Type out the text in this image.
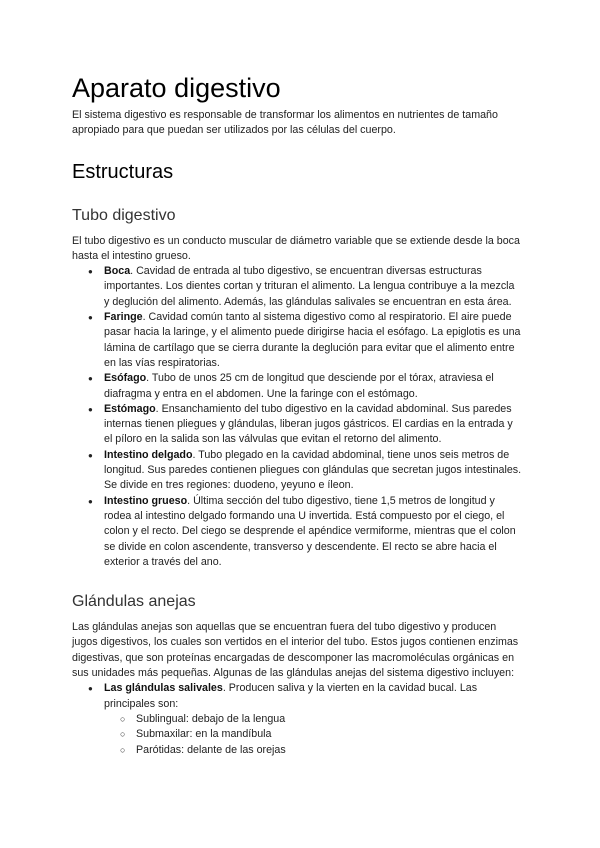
Aparato digestivo

El sistema digestivo es responsable de transformar los alimentos en nutrientes de tamaño apropiado para que puedan ser utilizados por las células del cuerpo.

Estructuras
Tubo digestivo

El tubo digestivo es un conducto muscular de diámetro variable que se extiende desde la boca hasta el intestino grueso.

● Boca. Cavidad de entrada al tubo digestivo, se encuentran diversas estructuras importantes. Los dientes cortan y trituran el alimento. La lengua contribuye a la mezcla y deglución del alimento. Además, las glándulas salivales se encuentran en esta área.
● Faringe. Cavidad común tanto al sistema digestivo como al respiratorio. El aire puede pasar hacia la laringe, y el alimento puede dirigirse hacia el esófago. La epiglotis es una lámina de cartílago que se cierra durante la deglución para evitar que el alimento entre en las vías respiratorias.
● Esófago. Tubo de unos 25 cm de longitud que desciende por el tórax, atraviesa el diafragma y entra en el abdomen. Une la faringe con el estómago.
● Estómago. Ensanchamiento del tubo digestivo en la cavidad abdominal. Sus paredes internas tienen pliegues y glándulas, liberan jugos gástricos. El cardias en la entrada y el píloro en la salida son las válvulas que evitan el retorno del alimento.
● Intestino delgado. Tubo plegado en la cavidad abdominal, tiene unos seis metros de longitud. Sus paredes contienen pliegues con glándulas que secretan jugos intestinales. Se divide en tres regiones: duodeno, yeyuno e íleon.
● Intestino grueso. Última sección del tubo digestivo, tiene 1,5 metros de longitud y rodea al intestino delgado formando una U invertida. Está compuesto por el ciego, el colon y el recto. Del ciego se desprende el apéndice vermiforme, mientras que el colon se divide en colon ascendente, transverso y descendente. El recto se abre hacia el exterior a través del ano.
Glándulas anejas

Las glándulas anejas son aquellas que se encuentran fuera del tubo digestivo y producen jugos digestivos, los cuales son vertidos en el interior del tubo. Estos jugos contienen enzimas digestivas, que son proteínas encargadas de descomponer las macromoléculas orgánicas en sus unidades más pequeñas. Algunas de las glándulas anejas del sistema digestivo incluyen:

● Las glándulas salivales. Producen saliva y la vierten en la cavidad bucal. Las principales son:
○ Sublingual: debajo de la lengua
○ Submaxilar: en la mandíbula
○ Parótidas: delante de las orejas
